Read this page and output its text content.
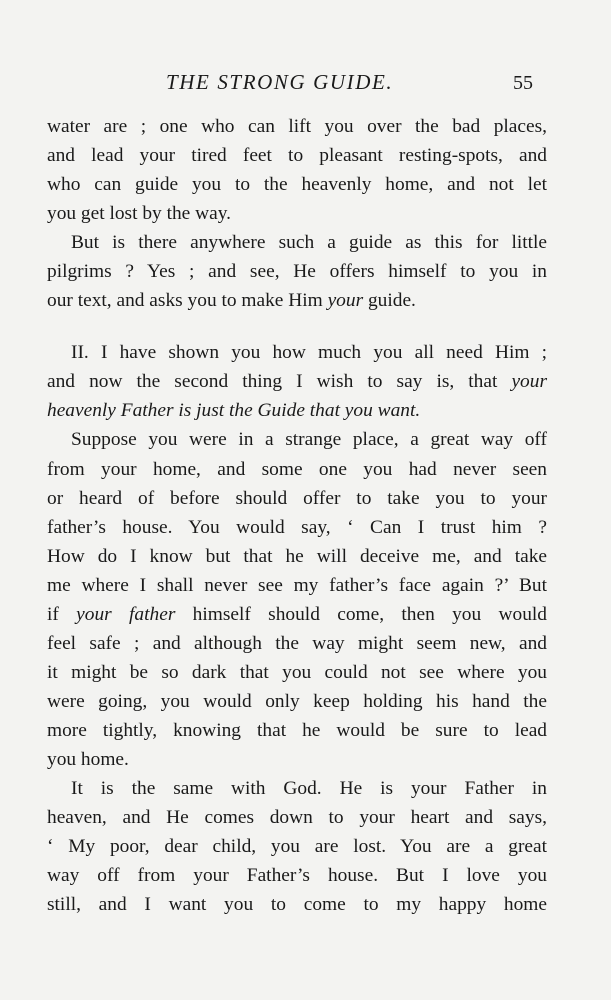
THE STRONG GUIDE.	55
water are ; one who can lift you over the bad places,
and lead your tired feet to pleasant resting-spots, and
who can guide you to the heavenly home, and not let
you get lost by the way.
But is there anywhere such a guide as this for little
pilgrims ? Yes ; and see, He offers himself to you in
our text, and asks you to make Him your guide.
II. I have shown you how much you all need Him ;
and now the second thing I wish to say is, that your
heavenly Father is just the Guide that you want.
Suppose you were in a strange place, a great way off
from your home, and some one you had never seen
or heard of before should offer to take you to your
father’s house. You would say, ‘ Can I trust him ?
How do I know but that he will deceive me, and take
me where I shall never see my father’s face again ?’ But
if your father himself should come, then you would
feel safe ; and although the way might seem new, and
it might be so dark that you could not see where you
were going, you would only keep holding his hand the
more tightly, knowing that he would be sure to lead
you home.
It is the same with God. He is your Father in
heaven, and He comes down to your heart and says,
‘ My poor, dear child, you are lost. You are a great
way off from your Father’s house. But I love you
still, and I want you to come to my happy home
